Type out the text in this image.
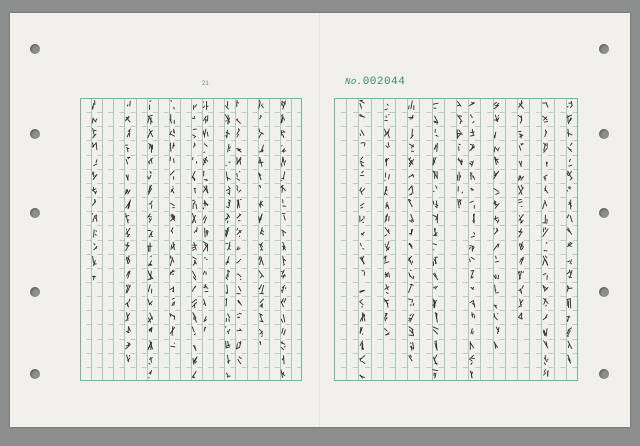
21	No.002044
